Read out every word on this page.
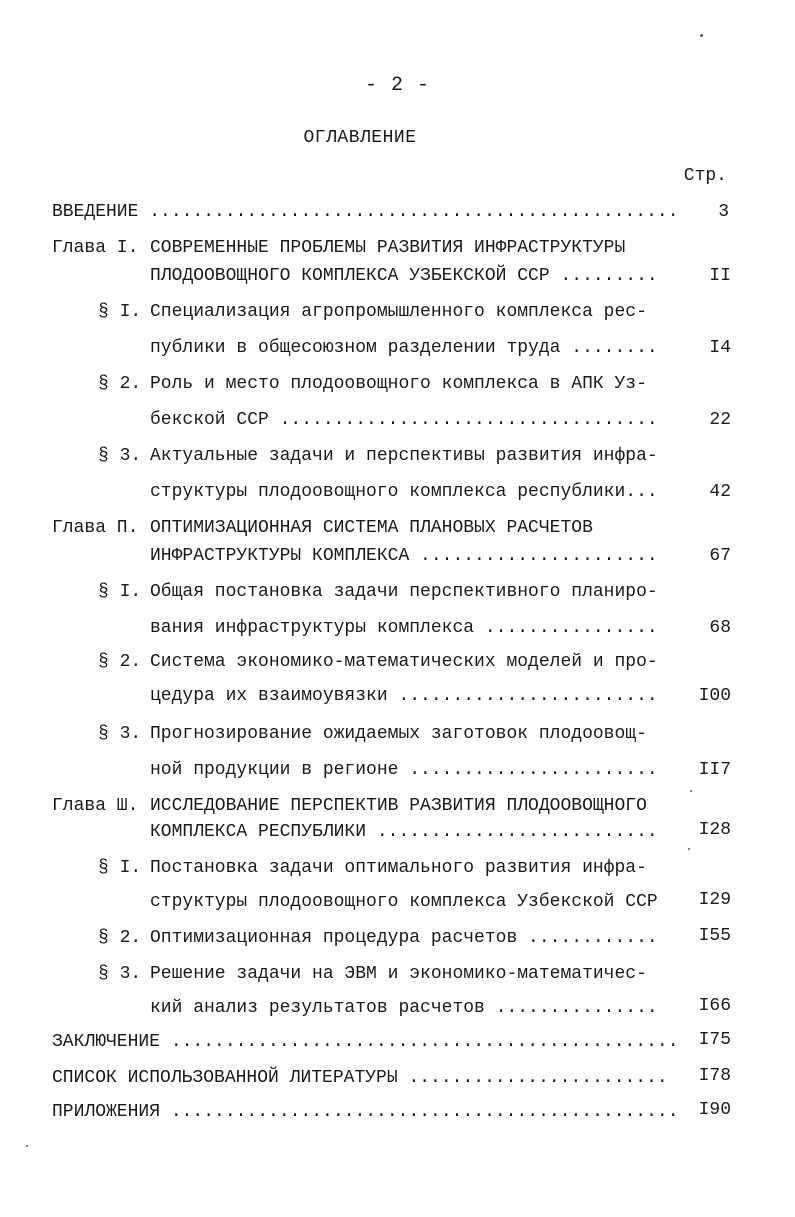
- 2 -
ОГЛАВЛЕНИЕ
Стр.
ВВЕДЕНИЕ ................................................. 3
Глава I. СОВРЕМЕННЫЕ ПРОБЛЕМЫ РАЗВИТИЯ ИНФРАСТРУКТУРЫ
ПЛОДООВОЩНОГО КОМПЛЕКСА УЗБЕКСКОЙ ССР .........	II
§ I. Специализация агропромышленного комплекса рес-
публики в общесоюзном разделении труда ........	I4
§ 2. Роль и место плодоовощного комплекса в АПК Уз-
бекской ССР ...................................	22
§ 3. Актуальные задачи и перспективы развития инфра-
структуры плодоовощного комплекса республики...	42
Глава П. ОПТИМИЗАЦИОННАЯ СИСТЕМА ПЛАНОВЫХ РАСЧЕТОВ
ИНФРАСТРУКТУРЫ КОМПЛЕКСА ......................	67
§ I. Общая постановка задачи перспективного планиро-
вания инфраструктуры комплекса ................	68
§ 2. Система экономико-математических моделей и про-
цедура их взаимоувязки ........................ I00
§ 3. Прогнозирование ожидаемых заготовок плодоовощ-
ной продукции в регионе ....................... II7
Глава Ш. ИССЛЕДОВАНИЕ ПЕРСПЕКТИВ РАЗВИТИЯ ПЛОДООВОЩНОГО
КОМПЛЕКСА РЕСПУБЛИКИ .......................... I28
§ I. Постановка задачи оптимального развития инфра-
структуры плодоовощного комплекса Узбекской ССР I29
§ 2. Оптимизационная процедура расчетов ............ I55
§ 3. Решение задачи на ЭВМ и экономико-математичес-
кий анализ результатов расчетов ............... I66
ЗАКЛЮЧЕНИЕ ............................................... I75
СПИСОК ИСПОЛЬЗОВАННОЙ ЛИТЕРАТУРЫ ........................ I78
ПРИЛОЖЕНИЯ ............................................... I90
